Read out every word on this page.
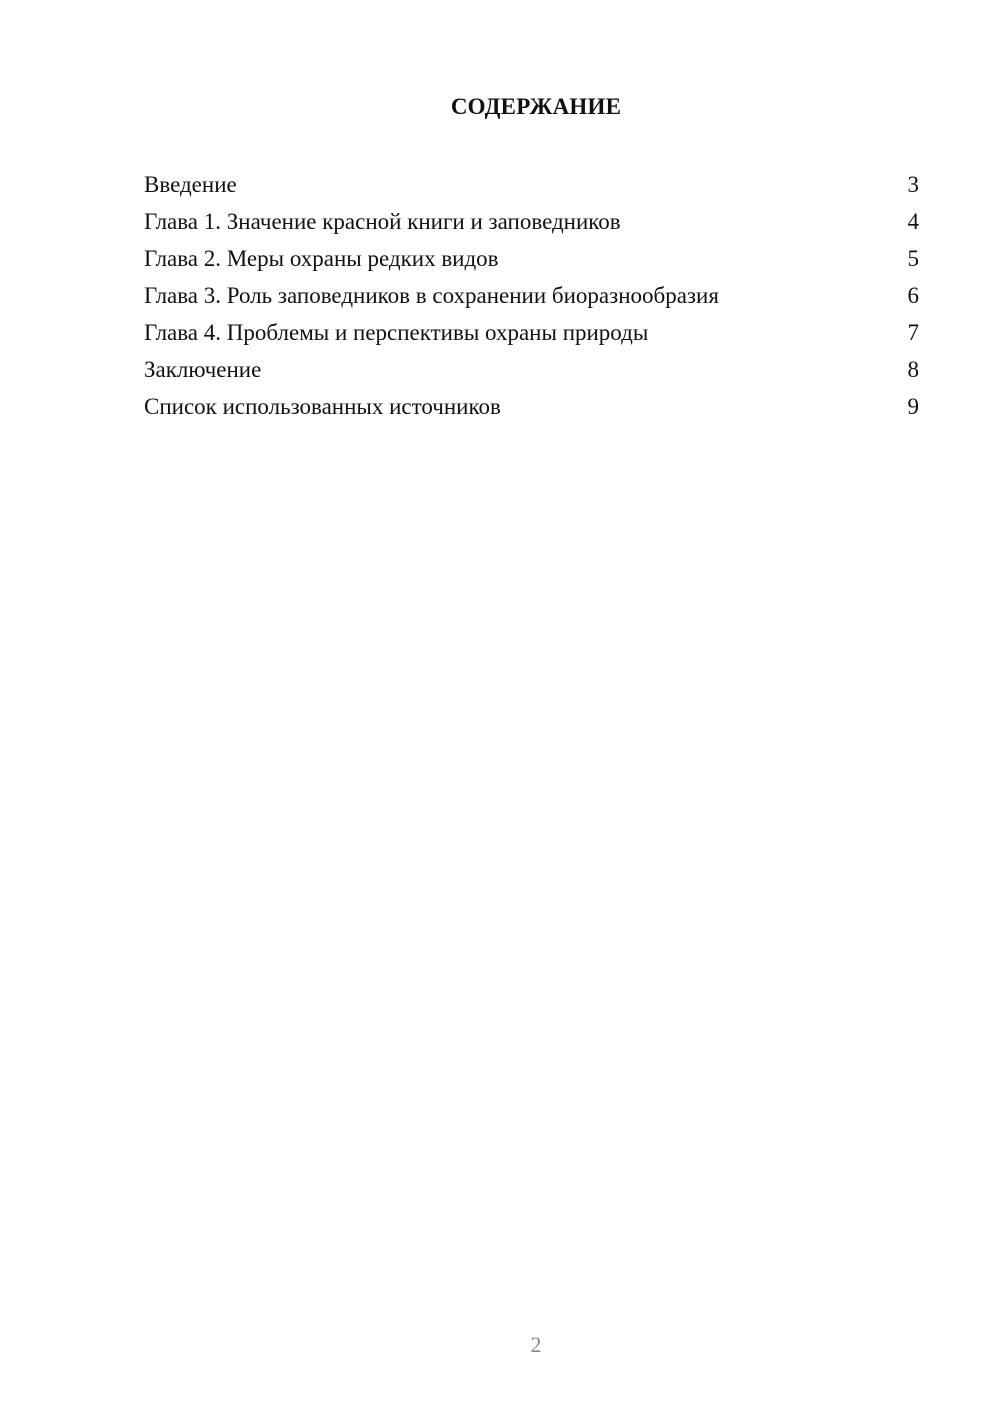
СОДЕРЖАНИЕ
Введение	3
Глава 1. Значение красной книги и заповедников	4
Глава 2. Меры охраны редких видов	5
Глава 3. Роль заповедников в сохранении биоразнообразия	6
Глава 4. Проблемы и перспективы охраны природы	7
Заключение	8
Список использованных источников	9
2
